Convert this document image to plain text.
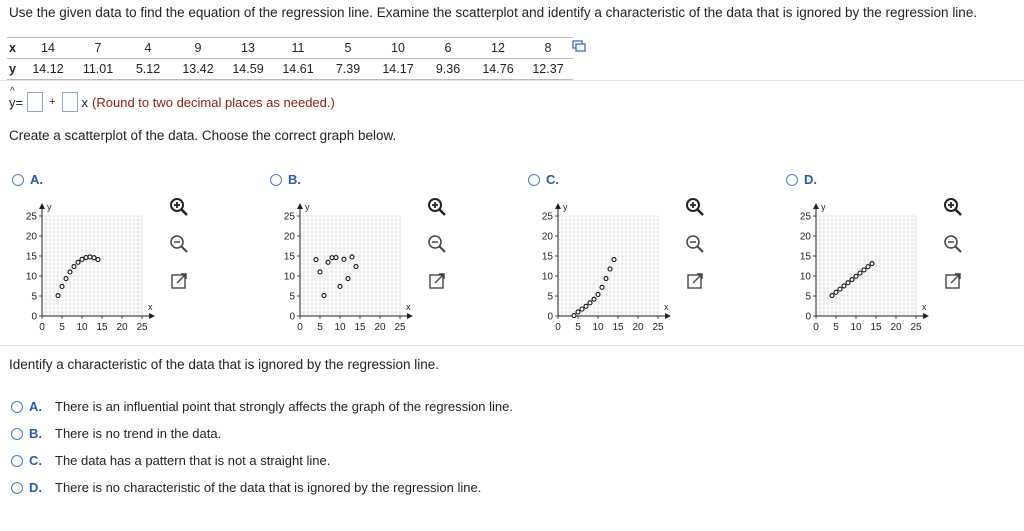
Use the given data to find the equation of the regression line. Examine the scatterplot and identify a characteristic of the data that is ignored by the regression line.
x	14	7	4	9	13	11	5	10	6	12	8
y	14.12	11.01	5.12	13.42	14.59	14.61	7.39	14.17	9.36	14.76	12.37
^ y = + x (Round to two decimal places as needed.)
Create a scatterplot of the data. Choose the correct graph below.
A.	B.	C.	D.
0 5 10 15 20 25
0
5
10
15
20
25
x
y
0 5 10 15 20 25
0
5
10
15
20
25
x
y
0 5 10 15 20 25
0
5
10
15
20
25
x
y
0 5 10 15 20 25
0
5
10
15
20
25
x
y
Identify a characteristic of the data that is ignored by the regression line.
A.	There is an influential point that strongly affects the graph of the regression line.
B.	There is no trend in the data.
C.	The data has a pattern that is not a straight line.
D.	There is no characteristic of the data that is ignored by the regression line.
